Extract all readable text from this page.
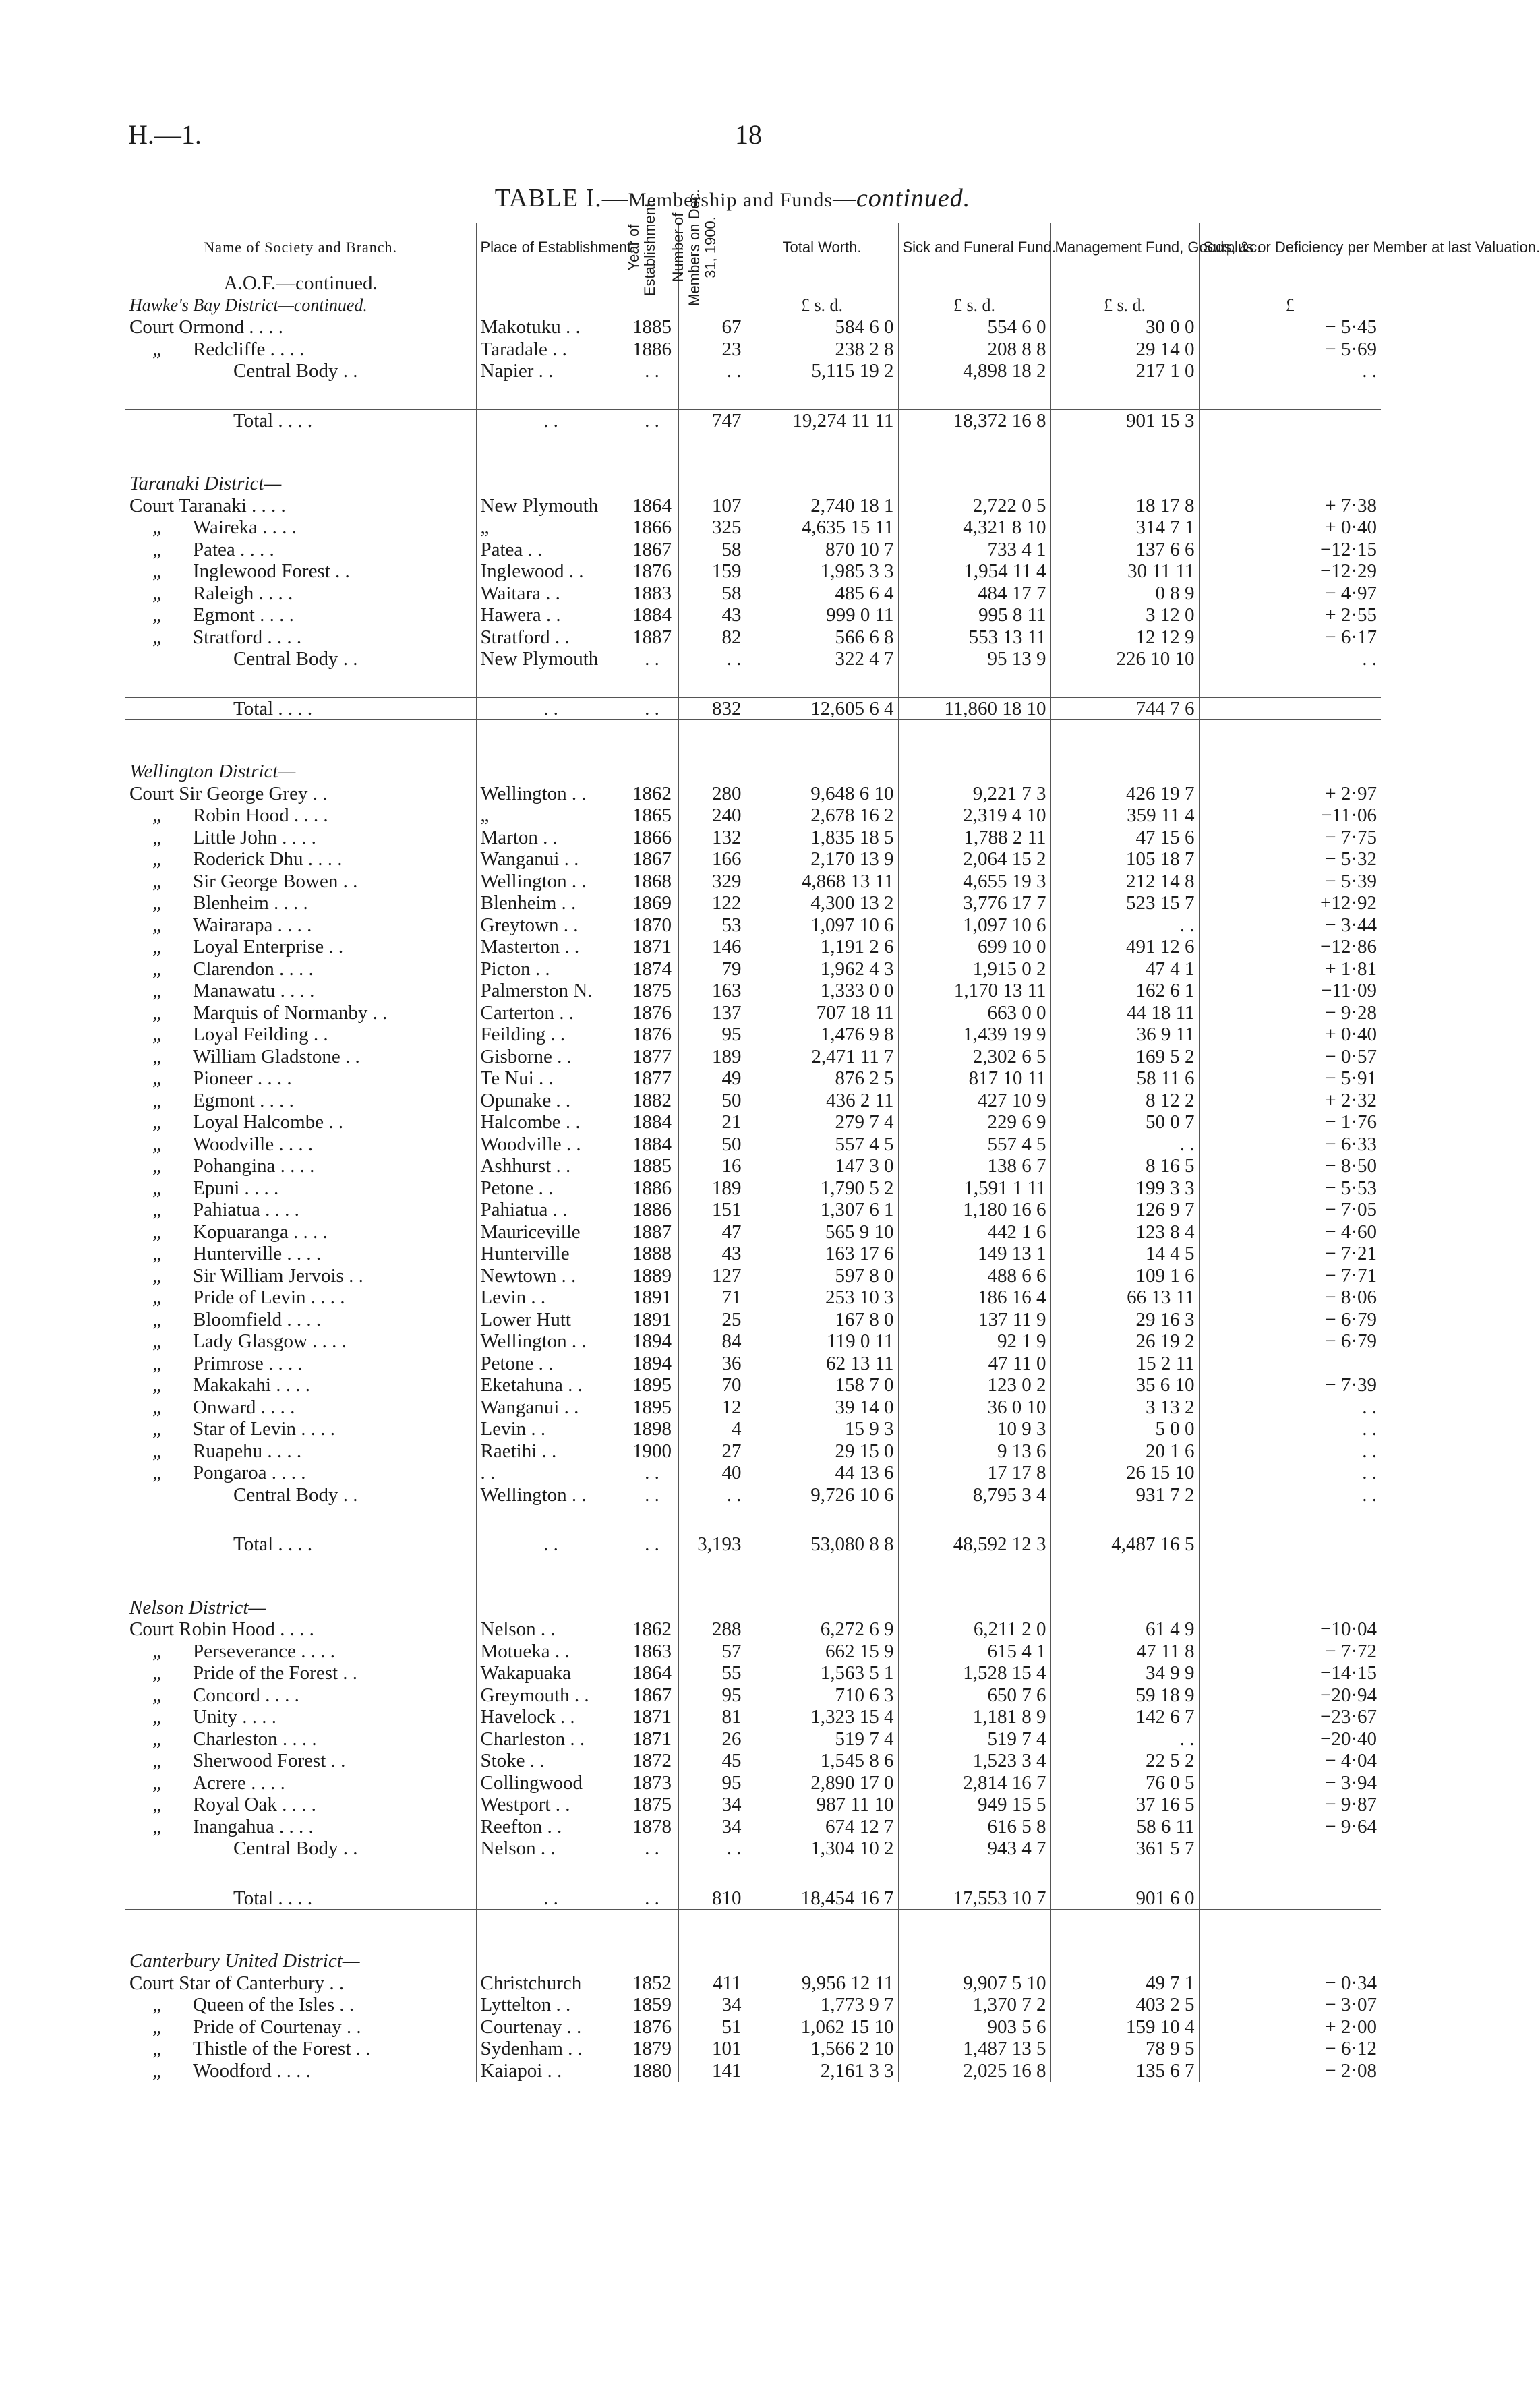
H.—1.	18
TABLE I.—Membership and Funds—continued.
Name of Society and Branch.	Place of Establishment.	Year of Establishment.	Number of Members on Dec. 31, 1900.	Total Worth.	Sick and Funeral Fund.	Management Fund, Goods, &c.	Surplus or Deficiency per Member at last Valuation.
A.O.F.—continued.							
Hawke's Bay District—continued.				£ s. d.	£ s. d.	£ s. d.	£
Court Ormond . . . .	Makotuku . .	1885	67	584 6 0	554 6 0	30 0 0	− 5·45
„ Redcliffe . . . .	Taradale . .	1886	23	238 2 8	208 8 8	29 14 0	− 5·69
Central Body . .	Napier . .	. .	. .	5,115 19 2	4,898 18 2	217 1 0	. .

Total . . . .	. .	. .	747	19,274 11 11	18,372 16 8	901 15 3	

Taranaki District—							
Court Taranaki . . . .	New Plymouth	1864	107	2,740 18 1	2,722 0 5	18 17 8	+ 7·38
„ Waireka . . . .	„	1866	325	4,635 15 11	4,321 8 10	314 7 1	+ 0·40
„ Patea . . . .	Patea . .	1867	58	870 10 7	733 4 1	137 6 6	−12·15
„ Inglewood Forest . .	Inglewood . .	1876	159	1,985 3 3	1,954 11 4	30 11 11	−12·29
„ Raleigh . . . .	Waitara . .	1883	58	485 6 4	484 17 7	0 8 9	− 4·97
„ Egmont . . . .	Hawera . .	1884	43	999 0 11	995 8 11	3 12 0	+ 2·55
„ Stratford . . . .	Stratford . .	1887	82	566 6 8	553 13 11	12 12 9	− 6·17
Central Body . .	New Plymouth	. .	. .	322 4 7	95 13 9	226 10 10	. .

Total . . . .	. .	. .	832	12,605 6 4	11,860 18 10	744 7 6	

Wellington District—							
Court Sir George Grey . .	Wellington . .	1862	280	9,648 6 10	9,221 7 3	426 19 7	+ 2·97
„ Robin Hood . . . .	„	1865	240	2,678 16 2	2,319 4 10	359 11 4	−11·06
„ Little John . . . .	Marton . .	1866	132	1,835 18 5	1,788 2 11	47 15 6	− 7·75
„ Roderick Dhu . . . .	Wanganui . .	1867	166	2,170 13 9	2,064 15 2	105 18 7	− 5·32
„ Sir George Bowen . .	Wellington . .	1868	329	4,868 13 11	4,655 19 3	212 14 8	− 5·39
„ Blenheim . . . .	Blenheim . .	1869	122	4,300 13 2	3,776 17 7	523 15 7	+12·92
„ Wairarapa . . . .	Greytown . .	1870	53	1,097 10 6	1,097 10 6	. .	− 3·44
„ Loyal Enterprise . .	Masterton . .	1871	146	1,191 2 6	699 10 0	491 12 6	−12·86
„ Clarendon . . . .	Picton . .	1874	79	1,962 4 3	1,915 0 2	47 4 1	+ 1·81
„ Manawatu . . . .	Palmerston N.	1875	163	1,333 0 0	1,170 13 11	162 6 1	−11·09
„ Marquis of Normanby . .	Carterton . .	1876	137	707 18 11	663 0 0	44 18 11	− 9·28
„ Loyal Feilding . .	Feilding . .	1876	95	1,476 9 8	1,439 19 9	36 9 11	+ 0·40
„ William Gladstone . .	Gisborne . .	1877	189	2,471 11 7	2,302 6 5	169 5 2	− 0·57
„ Pioneer . . . .	Te Nui . .	1877	49	876 2 5	817 10 11	58 11 6	− 5·91
„ Egmont . . . .	Opunake . .	1882	50	436 2 11	427 10 9	8 12 2	+ 2·32
„ Loyal Halcombe . .	Halcombe . .	1884	21	279 7 4	229 6 9	50 0 7	− 1·76
„ Woodville . . . .	Woodville . .	1884	50	557 4 5	557 4 5	. .	− 6·33
„ Pohangina . . . .	Ashhurst . .	1885	16	147 3 0	138 6 7	8 16 5	− 8·50
„ Epuni . . . .	Petone . .	1886	189	1,790 5 2	1,591 1 11	199 3 3	− 5·53
„ Pahiatua . . . .	Pahiatua . .	1886	151	1,307 6 1	1,180 16 6	126 9 7	− 7·05
„ Kopuaranga . . . .	Mauriceville	1887	47	565 9 10	442 1 6	123 8 4	− 4·60
„ Hunterville . . . .	Hunterville	1888	43	163 17 6	149 13 1	14 4 5	− 7·21
„ Sir William Jervois . .	Newtown . .	1889	127	597 8 0	488 6 6	109 1 6	− 7·71
„ Pride of Levin . . . .	Levin . .	1891	71	253 10 3	186 16 4	66 13 11	− 8·06
„ Bloomfield . . . .	Lower Hutt	1891	25	167 8 0	137 11 9	29 16 3	− 6·79
„ Lady Glasgow . . . .	Wellington . .	1894	84	119 0 11	92 1 9	26 19 2	− 6·79
„ Primrose . . . .	Petone . .	1894	36	62 13 11	47 11 0	15 2 11	
„ Makakahi . . . .	Eketahuna . .	1895	70	158 7 0	123 0 2	35 6 10	− 7·39
„ Onward . . . .	Wanganui . .	1895	12	39 14 0	36 0 10	3 13 2	. .
„ Star of Levin . . . .	Levin . .	1898	4	15 9 3	10 9 3	5 0 0	. .
„ Ruapehu . . . .	Raetihi . .	1900	27	29 15 0	9 13 6	20 1 6	. .
„ Pongaroa . . . .	. .	. .	40	44 13 6	17 17 8	26 15 10	. .
Central Body . .	Wellington . .	. .	. .	9,726 10 6	8,795 3 4	931 7 2	. .

Total . . . .	. .	. .	3,193	53,080 8 8	48,592 12 3	4,487 16 5	

Nelson District—							
Court Robin Hood . . . .	Nelson . .	1862	288	6,272 6 9	6,211 2 0	61 4 9	−10·04
„ Perseverance . . . .	Motueka . .	1863	57	662 15 9	615 4 1	47 11 8	− 7·72
„ Pride of the Forest . .	Wakapuaka	1864	55	1,563 5 1	1,528 15 4	34 9 9	−14·15
„ Concord . . . .	Greymouth . .	1867	95	710 6 3	650 7 6	59 18 9	−20·94
„ Unity . . . .	Havelock . .	1871	81	1,323 15 4	1,181 8 9	142 6 7	−23·67
„ Charleston . . . .	Charleston . .	1871	26	519 7 4	519 7 4	. .	−20·40
„ Sherwood Forest . .	Stoke . .	1872	45	1,545 8 6	1,523 3 4	22 5 2	− 4·04
„ Acrere . . . .	Collingwood	1873	95	2,890 17 0	2,814 16 7	76 0 5	− 3·94
„ Royal Oak . . . .	Westport . .	1875	34	987 11 10	949 15 5	37 16 5	− 9·87
„ Inangahua . . . .	Reefton . .	1878	34	674 12 7	616 5 8	58 6 11	− 9·64
Central Body . .	Nelson . .	. .	. .	1,304 10 2	943 4 7	361 5 7	

Total . . . .	. .	. .	810	18,454 16 7	17,553 10 7	901 6 0	

Canterbury United District—							
Court Star of Canterbury . .	Christchurch	1852	411	9,956 12 11	9,907 5 10	49 7 1	− 0·34
„ Queen of the Isles . .	Lyttelton . .	1859	34	1,773 9 7	1,370 7 2	403 2 5	− 3·07
„ Pride of Courtenay . .	Courtenay . .	1876	51	1,062 15 10	903 5 6	159 10 4	+ 2·00
„ Thistle of the Forest . .	Sydenham . .	1879	101	1,566 2 10	1,487 13 5	78 9 5	− 6·12
„ Woodford . . . .	Kaiapoi . .	1880	141	2,161 3 3	2,025 16 8	135 6 7	− 2·08
